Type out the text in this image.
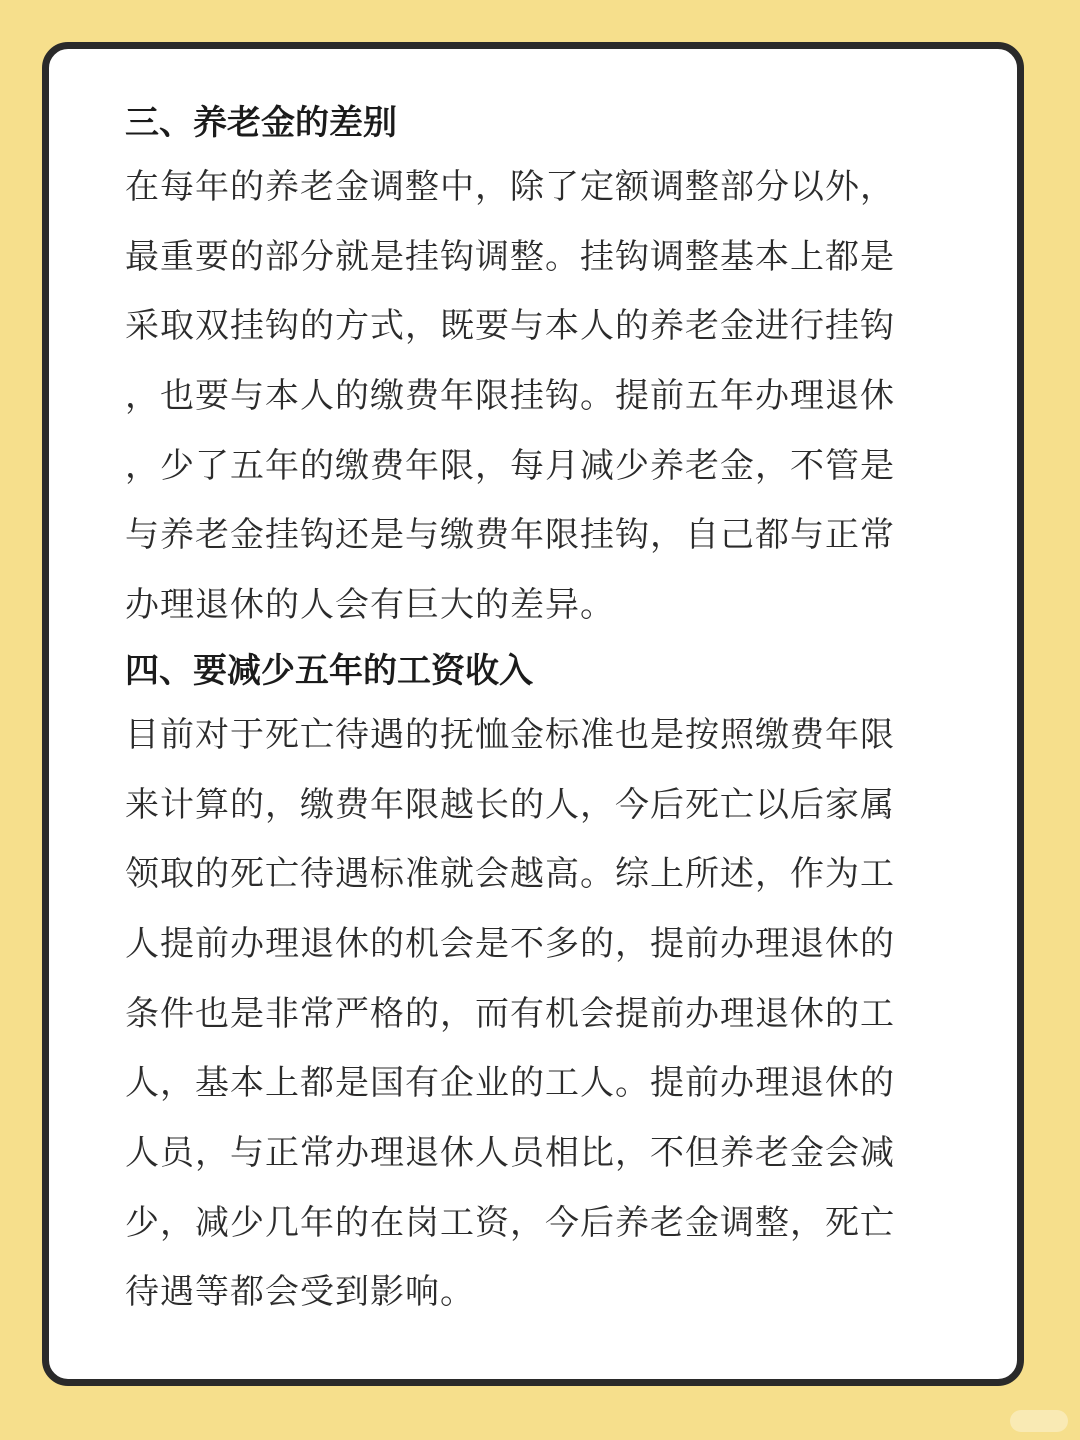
三、养老金的差别

在每年的养老金调整中，除了定额调整部分以外，
最重要的部分就是挂钩调整。挂钩调整基本上都是
采取双挂钩的方式，既要与本人的养老金进行挂钩
，也要与本人的缴费年限挂钩。提前五年办理退休
，少了五年的缴费年限，每月减少养老金，不管是
与养老金挂钩还是与缴费年限挂钩，自己都与正常
办理退休的人会有巨大的差异。

四、要减少五年的工资收入

目前对于死亡待遇的抚恤金标准也是按照缴费年限
来计算的，缴费年限越长的人，今后死亡以后家属
领取的死亡待遇标准就会越高。综上所述，作为工
人提前办理退休的机会是不多的，提前办理退休的
条件也是非常严格的，而有机会提前办理退休的工
人，基本上都是国有企业的工人。提前办理退休的
人员，与正常办理退休人员相比，不但养老金会减
少，减少几年的在岗工资，今后养老金调整，死亡
待遇等都会受到影响。
